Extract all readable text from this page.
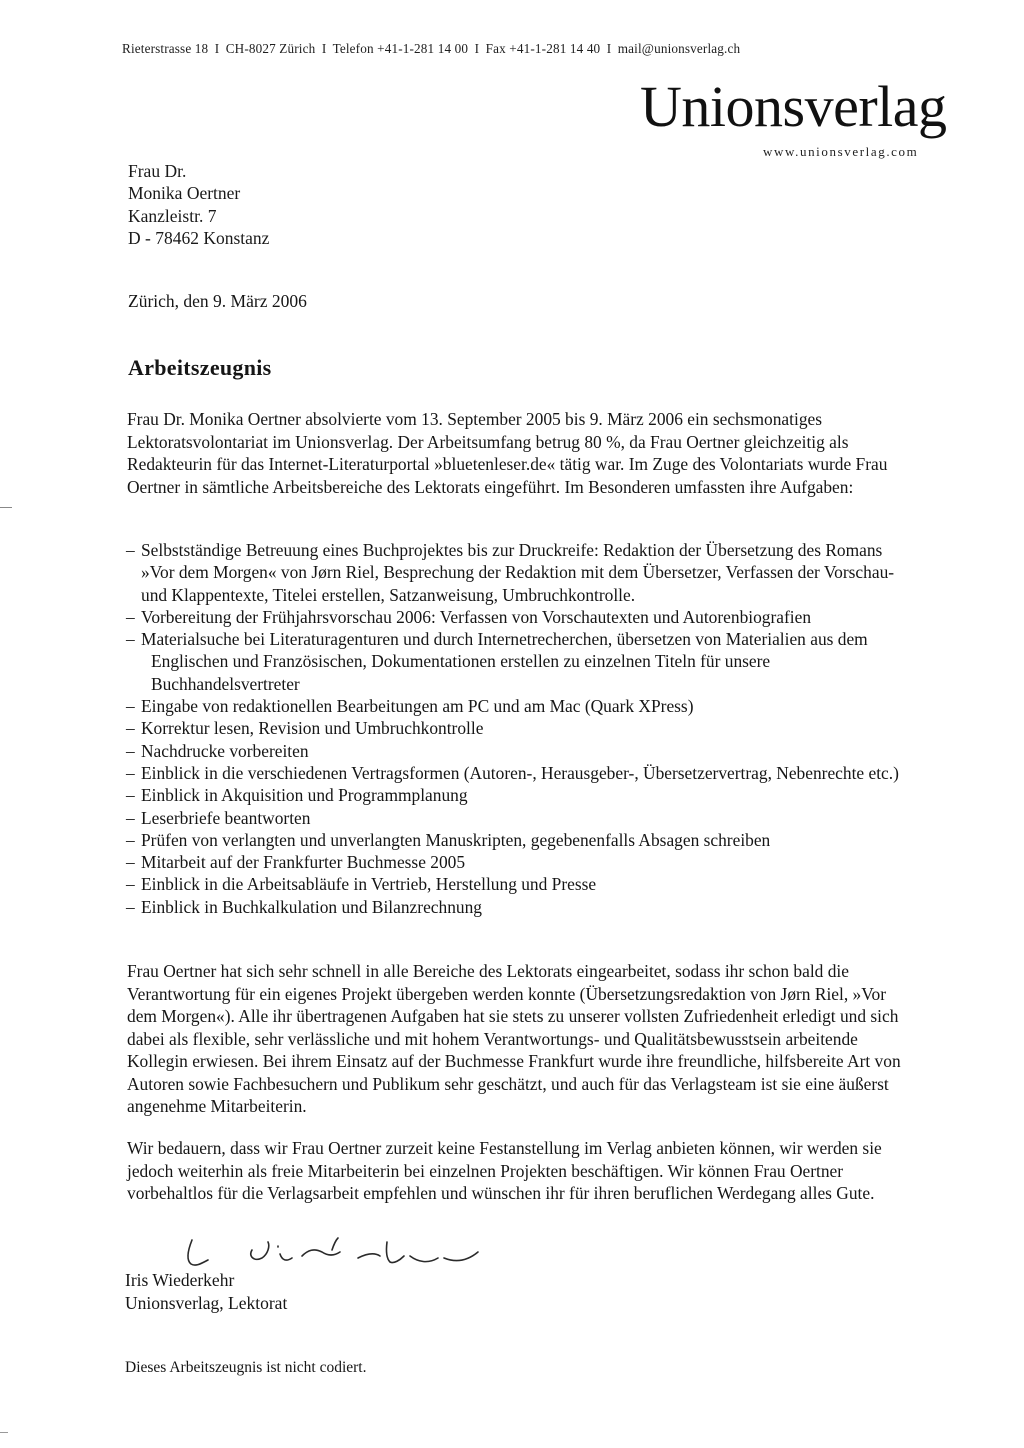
Rieterstrasse 18 I CH-8027 Zürich I Telefon +41-1-281 14 00 I Fax +41-1-281 14 40 I mail@unionsverlag.ch
Unionsverlag
www.unionsverlag.com
Frau Dr.
Monika Oertner
Kanzleistr. 7
D - 78462 Konstanz
Zürich, den 9. März 2006
Arbeitszeugnis
Frau Dr. Monika Oertner absolvierte vom 13. September 2005 bis 9. März 2006 ein sechsmonatiges Lektoratsvolontariat im Unionsverlag. Der Arbeitsumfang betrug 80 %, da Frau Oertner gleichzeitig als Redakteurin für das Internet-Literaturportal »bluetenleser.de« tätig war. Im Zuge des Volontariats wurde Frau Oertner in sämtliche Arbeitsbereiche des Lektorats eingeführt. Im Besonderen umfassten ihre Aufgaben:
– Selbstständige Betreuung eines Buchprojektes bis zur Druckreife: Redaktion der Übersetzung des Romans »Vor dem Morgen« von Jørn Riel, Besprechung der Redaktion mit dem Übersetzer, Verfassen der Vorschau- und Klappentexte, Titelei erstellen, Satzanweisung, Umbruchkontrolle.
– Vorbereitung der Frühjahrsvorschau 2006: Verfassen von Vorschautexten und Autorenbiografien
– Materialsuche bei Literaturagenturen und durch Internetrecherchen, übersetzen von Materialien aus dem Englischen und Französischen, Dokumentationen erstellen zu einzelnen Titeln für unsere Buchhandelsvertreter
– Eingabe von redaktionellen Bearbeitungen am PC und am Mac (Quark XPress)
– Korrektur lesen, Revision und Umbruchkontrolle
– Nachdrucke vorbereiten
– Einblick in die verschiedenen Vertragsformen (Autoren-, Herausgeber-, Übersetzervertrag, Nebenrechte etc.)
– Einblick in Akquisition und Programmplanung
– Leserbriefe beantworten
– Prüfen von verlangten und unverlangten Manuskripten, gegebenenfalls Absagen schreiben
– Mitarbeit auf der Frankfurter Buchmesse 2005
– Einblick in die Arbeitsabläufe in Vertrieb, Herstellung und Presse
– Einblick in Buchkalkulation und Bilanzrechnung
Frau Oertner hat sich sehr schnell in alle Bereiche des Lektorats eingearbeitet, sodass ihr schon bald die Verantwortung für ein eigenes Projekt übergeben werden konnte (Übersetzungsredaktion von Jørn Riel, »Vor dem Morgen«). Alle ihr übertragenen Aufgaben hat sie stets zu unserer vollsten Zufriedenheit erledigt und sich dabei als flexible, sehr verlässliche und mit hohem Verantwortungs- und Qualitätsbewusstsein arbeitende Kollegin erwiesen. Bei ihrem Einsatz auf der Buchmesse Frankfurt wurde ihre freundliche, hilfsbereite Art von Autoren sowie Fachbesuchern und Publikum sehr geschätzt, und auch für das Verlagsteam ist sie eine äußerst angenehme Mitarbeiterin.
Wir bedauern, dass wir Frau Oertner zurzeit keine Festanstellung im Verlag anbieten können, wir werden sie jedoch weiterhin als freie Mitarbeiterin bei einzelnen Projekten beschäftigen. Wir können Frau Oertner vorbehaltlos für die Verlagsarbeit empfehlen und wünschen ihr für ihren beruflichen Werdegang alles Gute.
Iris Wiederkehr
Unionsverlag, Lektorat
Dieses Arbeitszeugnis ist nicht codiert.
